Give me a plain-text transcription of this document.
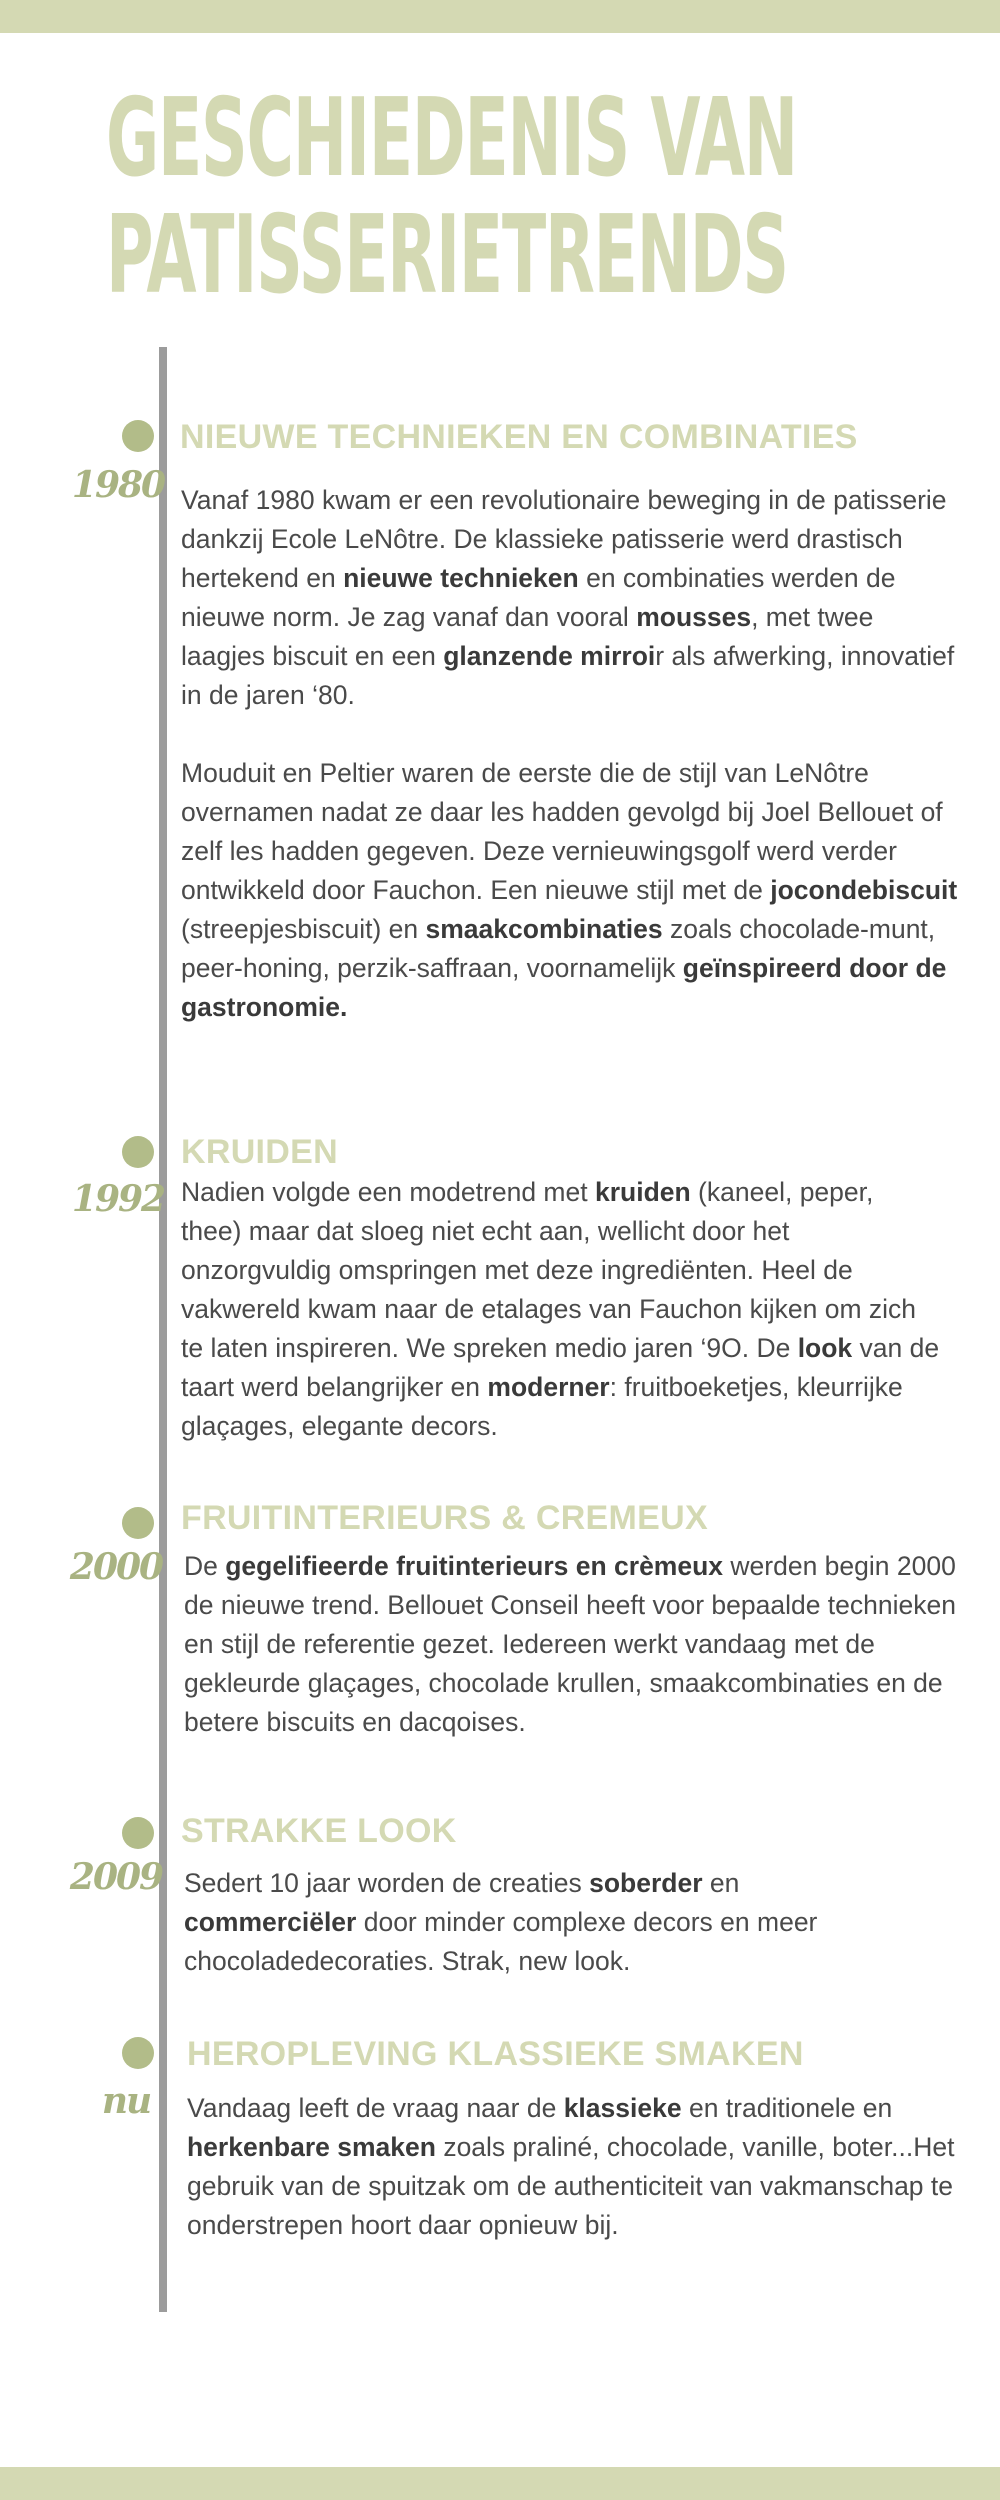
GESCHIEDENIS VAN
PATISSERIETRENDS
1980
NIEUWE TECHNIEKEN EN COMBINATIES

Vanaf 1980 kwam er een revolutionaire beweging in de patisserie dankzij Ecole LeNôtre. De klassieke patisserie werd drastisch hertekend en nieuwe technieken en combinaties werden de nieuwe norm. Je zag vanaf dan vooral mousses, met twee laagjes biscuit en een glanzende mirroir als afwerking, innovatief in de jaren ‘80.

Mouduit en Peltier waren de eerste die de stijl van LeNôtre overnamen nadat ze daar les hadden gevolgd bij Joel Bellouet of zelf les hadden gegeven. Deze vernieuwingsgolf werd verder ontwikkeld door Fauchon. Een nieuwe stijl met de jocondebiscuit (streepjesbiscuit) en smaakcombinaties zoals chocolade-munt, peer-honing, perzik-saffraan, voornamelijk geïnspireerd door de gastronomie.

1992
KRUIDEN

Nadien volgde een modetrend met kruiden (kaneel, peper, thee) maar dat sloeg niet echt aan, wellicht door het onzorgvuldig omspringen met deze ingrediënten. Heel de vakwereld kwam naar de etalages van Fauchon kijken om zich te laten inspireren. We spreken medio jaren ‘9O. De look van de taart werd belangrijker en moderner: fruitboeketjes, kleurrijke glaçages, elegante decors.

2000
FRUITINTERIEURS & CREMEUX

De gegelifieerde fruitinterieurs en crèmeux werden begin 2000 de nieuwe trend. Bellouet Conseil heeft voor bepaalde technieken en stijl de referentie gezet. Iedereen werkt vandaag met de gekleurde glaçages, chocolade krullen, smaakcombinaties en de betere biscuits en dacqoises.

2009
STRAKKE LOOK

Sedert 10 jaar worden de creaties soberder en commerciëler door minder complexe decors en meer chocoladedecoraties. Strak, new look.

nu
HEROPLEVING KLASSIEKE SMAKEN

Vandaag leeft de vraag naar de klassieke en traditionele en herkenbare smaken zoals praliné, chocolade, vanille, boter...Het gebruik van de spuitzak om de authenticiteit van vakmanschap te onderstrepen hoort daar opnieuw bij.
